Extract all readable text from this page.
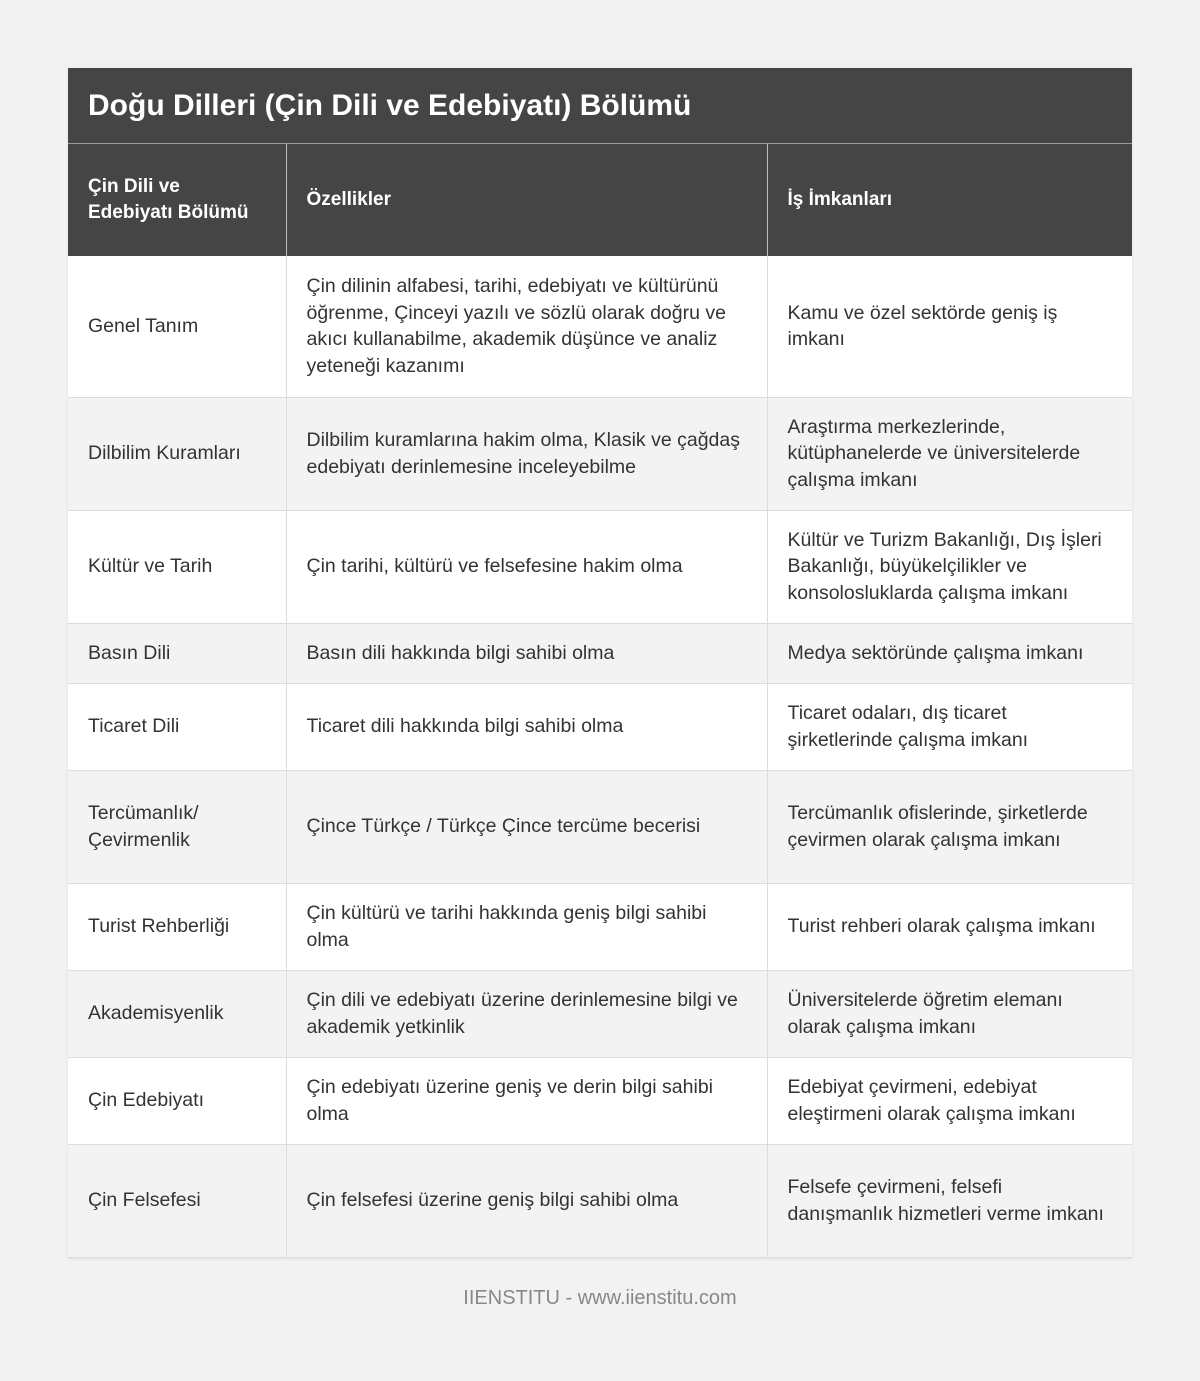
Doğu Dilleri (Çin Dili ve Edebiyatı) Bölümü
Çin Dili ve Edebiyatı Bölümü	Özellikler	İş İmkanları
Genel Tanım	Çin dilinin alfabesi, tarihi, edebiyatı ve kültürünü öğrenme, Çinceyi yazılı ve sözlü olarak doğru ve akıcı kullanabilme, akademik düşünce ve analiz yeteneği kazanımı	Kamu ve özel sektörde geniş iş imkanı
Dilbilim Kuramları	Dilbilim kuramlarına hakim olma, Klasik ve çağdaş edebiyatı derinlemesine inceleyebilme	Araştırma merkezlerinde, kütüphanelerde ve üniversitelerde çalışma imkanı
Kültür ve Tarih	Çin tarihi, kültürü ve felsefesine hakim olma	Kültür ve Turizm Bakanlığı, Dış İşleri Bakanlığı, büyükelçilikler ve konsolosluklarda çalışma imkanı
Basın Dili	Basın dili hakkında bilgi sahibi olma	Medya sektöründe çalışma imkanı
Ticaret Dili	Ticaret dili hakkında bilgi sahibi olma	Ticaret odaları, dış ticaret şirketlerinde çalışma imkanı
Tercümanlık/ Çevirmenlik	Çince Türkçe / Türkçe Çince tercüme becerisi	Tercümanlık ofislerinde, şirketlerde çevirmen olarak çalışma imkanı
Turist Rehberliği	Çin kültürü ve tarihi hakkında geniş bilgi sahibi olma	Turist rehberi olarak çalışma imkanı
Akademisyenlik	Çin dili ve edebiyatı üzerine derinlemesine bilgi ve akademik yetkinlik	Üniversitelerde öğretim elemanı olarak çalışma imkanı
Çin Edebiyatı	Çin edebiyatı üzerine geniş ve derin bilgi sahibi olma	Edebiyat çevirmeni, edebiyat eleştirmeni olarak çalışma imkanı
Çin Felsefesi	Çin felsefesi üzerine geniş bilgi sahibi olma	Felsefe çevirmeni, felsefi danışmanlık hizmetleri verme imkanı
IIENSTITU - www.iienstitu.com
